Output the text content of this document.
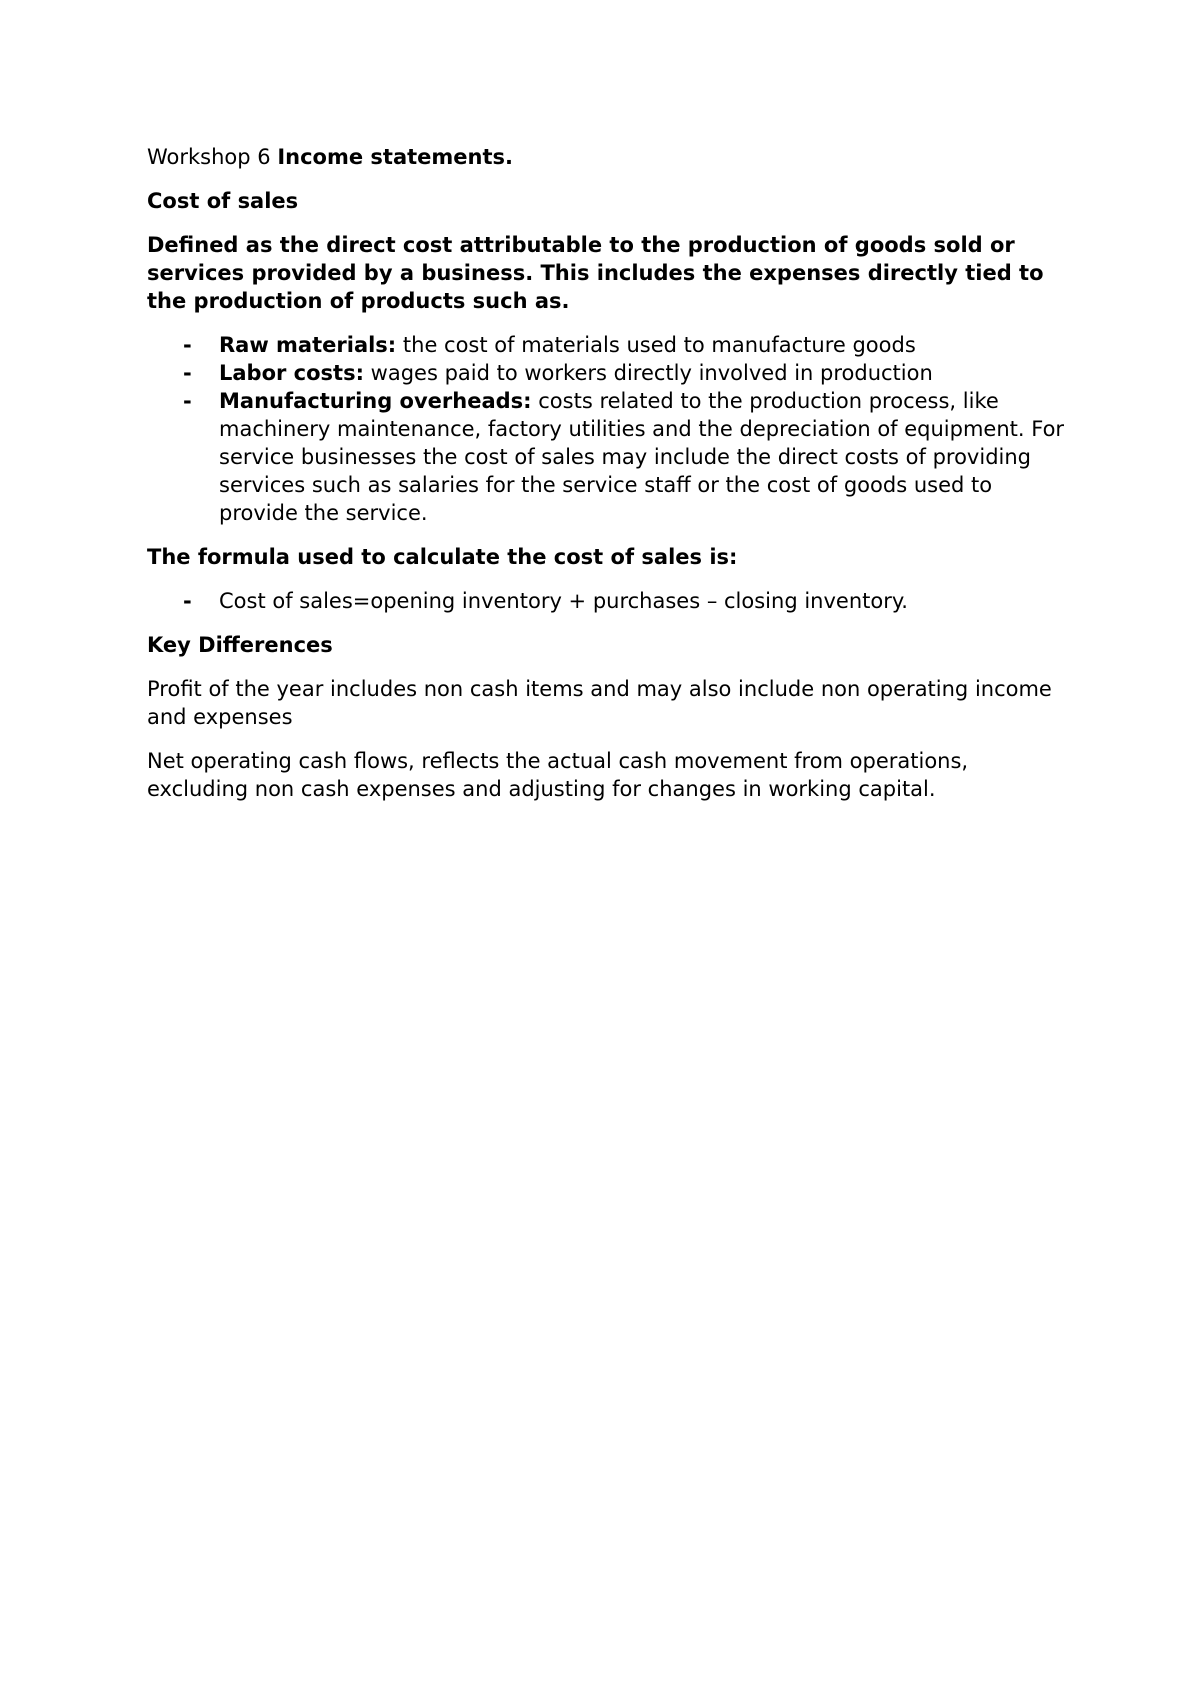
Workshop 6 Income statements.

Cost of sales

Defined as the direct cost attributable to the production of goods sold or services provided by a business. This includes the expenses directly tied to the production of products such as.

- Raw materials: the cost of materials used to manufacture goods
- Labor costs: wages paid to workers directly involved in production
- Manufacturing overheads: costs related to the production process, like machinery maintenance, factory utilities and the depreciation of equipment. For service businesses the cost of sales may include the direct costs of providing services such as salaries for the service staff or the cost of goods used to provide the service.

The formula used to calculate the cost of sales is:

- Cost of sales=opening inventory + purchases – closing inventory.

Key Differences

Profit of the year includes non cash items and may also include non operating income and expenses

Net operating cash flows, reflects the actual cash movement from operations, excluding non cash expenses and adjusting for changes in working capital.
